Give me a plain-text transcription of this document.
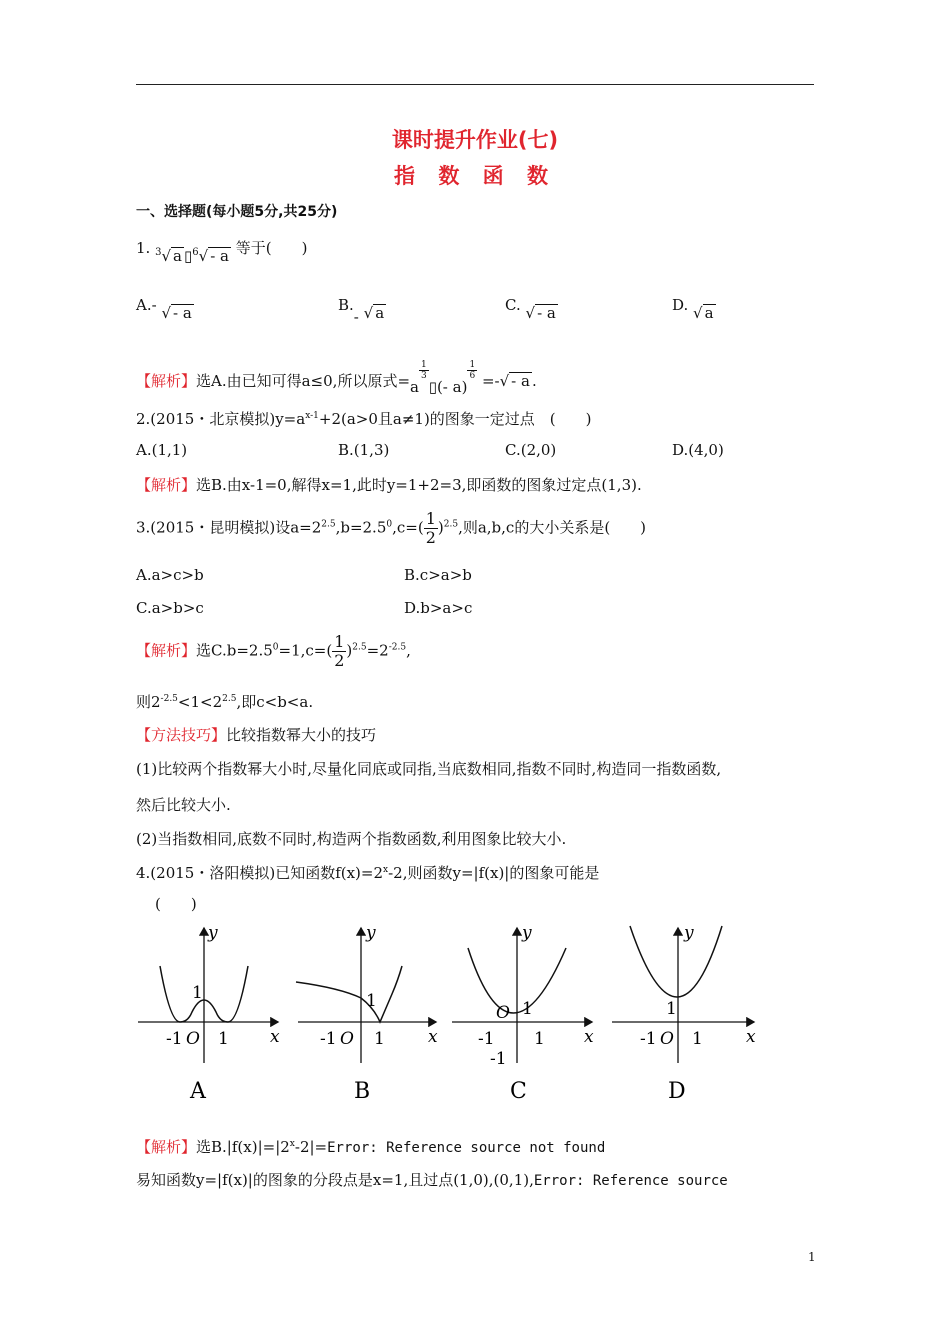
课时提升作业(七)
指 数 函 数
一、选择题(每小题5分,共25分)
1. $^3$√ a ▯$^6$√ - a 等于(　　)
A.- √ - a	B.- √ a	C. √ - a	D. √ a
【解析】选A.由已知可得a≤0,所以原式=a
$\frac{1}{3}$
▯(- a)
$\frac{1}{6}$ =-√ - a .
2.(2015・北京模拟)$y=a^{x-1}+2(a>0$且a≠1)的图象一定过点　(　　)
A.(1,1)	B.(1,3)	C.(2,0)	D.(4,0)
【解析】选B.由x-1=0,解得x=1,此时y=1+2=3,即函数的图象过定点(1,3).
3.(2015・昆明模拟)设$a=2^{2.5},b=2.5^0,c=( \frac{1}{2} )^{2.5}$,则a,b,c的大小关系是(　　)
A.a>c>b	B.c>a>b
C.a>b>c	D.b>a>c
【解析】选$C.b=2.5^0=1,c=( \frac{1}{2} )^{2.5}=2^{-2.5}$,
则$2^{-2.5}<1<2^{2.5}$,即c<b<a.
【方法技巧】比较指数幂大小的技巧
(1)比较两个指数幂大小时,尽量化同底或同指,当底数相同,指数不同时,构造同一指数函数,
然后比较大小.
(2)当指数相同,底数不同时,构造两个指数函数,利用图象比较大小.
4.(2015・洛阳模拟)已知函数$f(x)=2^x-2$,则函数y=|f(x)|的图象可能是
(　　)
y
x
1
-1 O 1
A
y
x
1
-1 O 1
B
y
x
O 1
-1 1
-1
C
y
x
1
-1 O 1
D
【解析】选$B.|f(x)|=|2^x-2|=Error$: Reference source not found
易知函数y=|f(x)|的图象的分段点是x=1,且过点(1,0),(0,1),Error: Reference source
1
